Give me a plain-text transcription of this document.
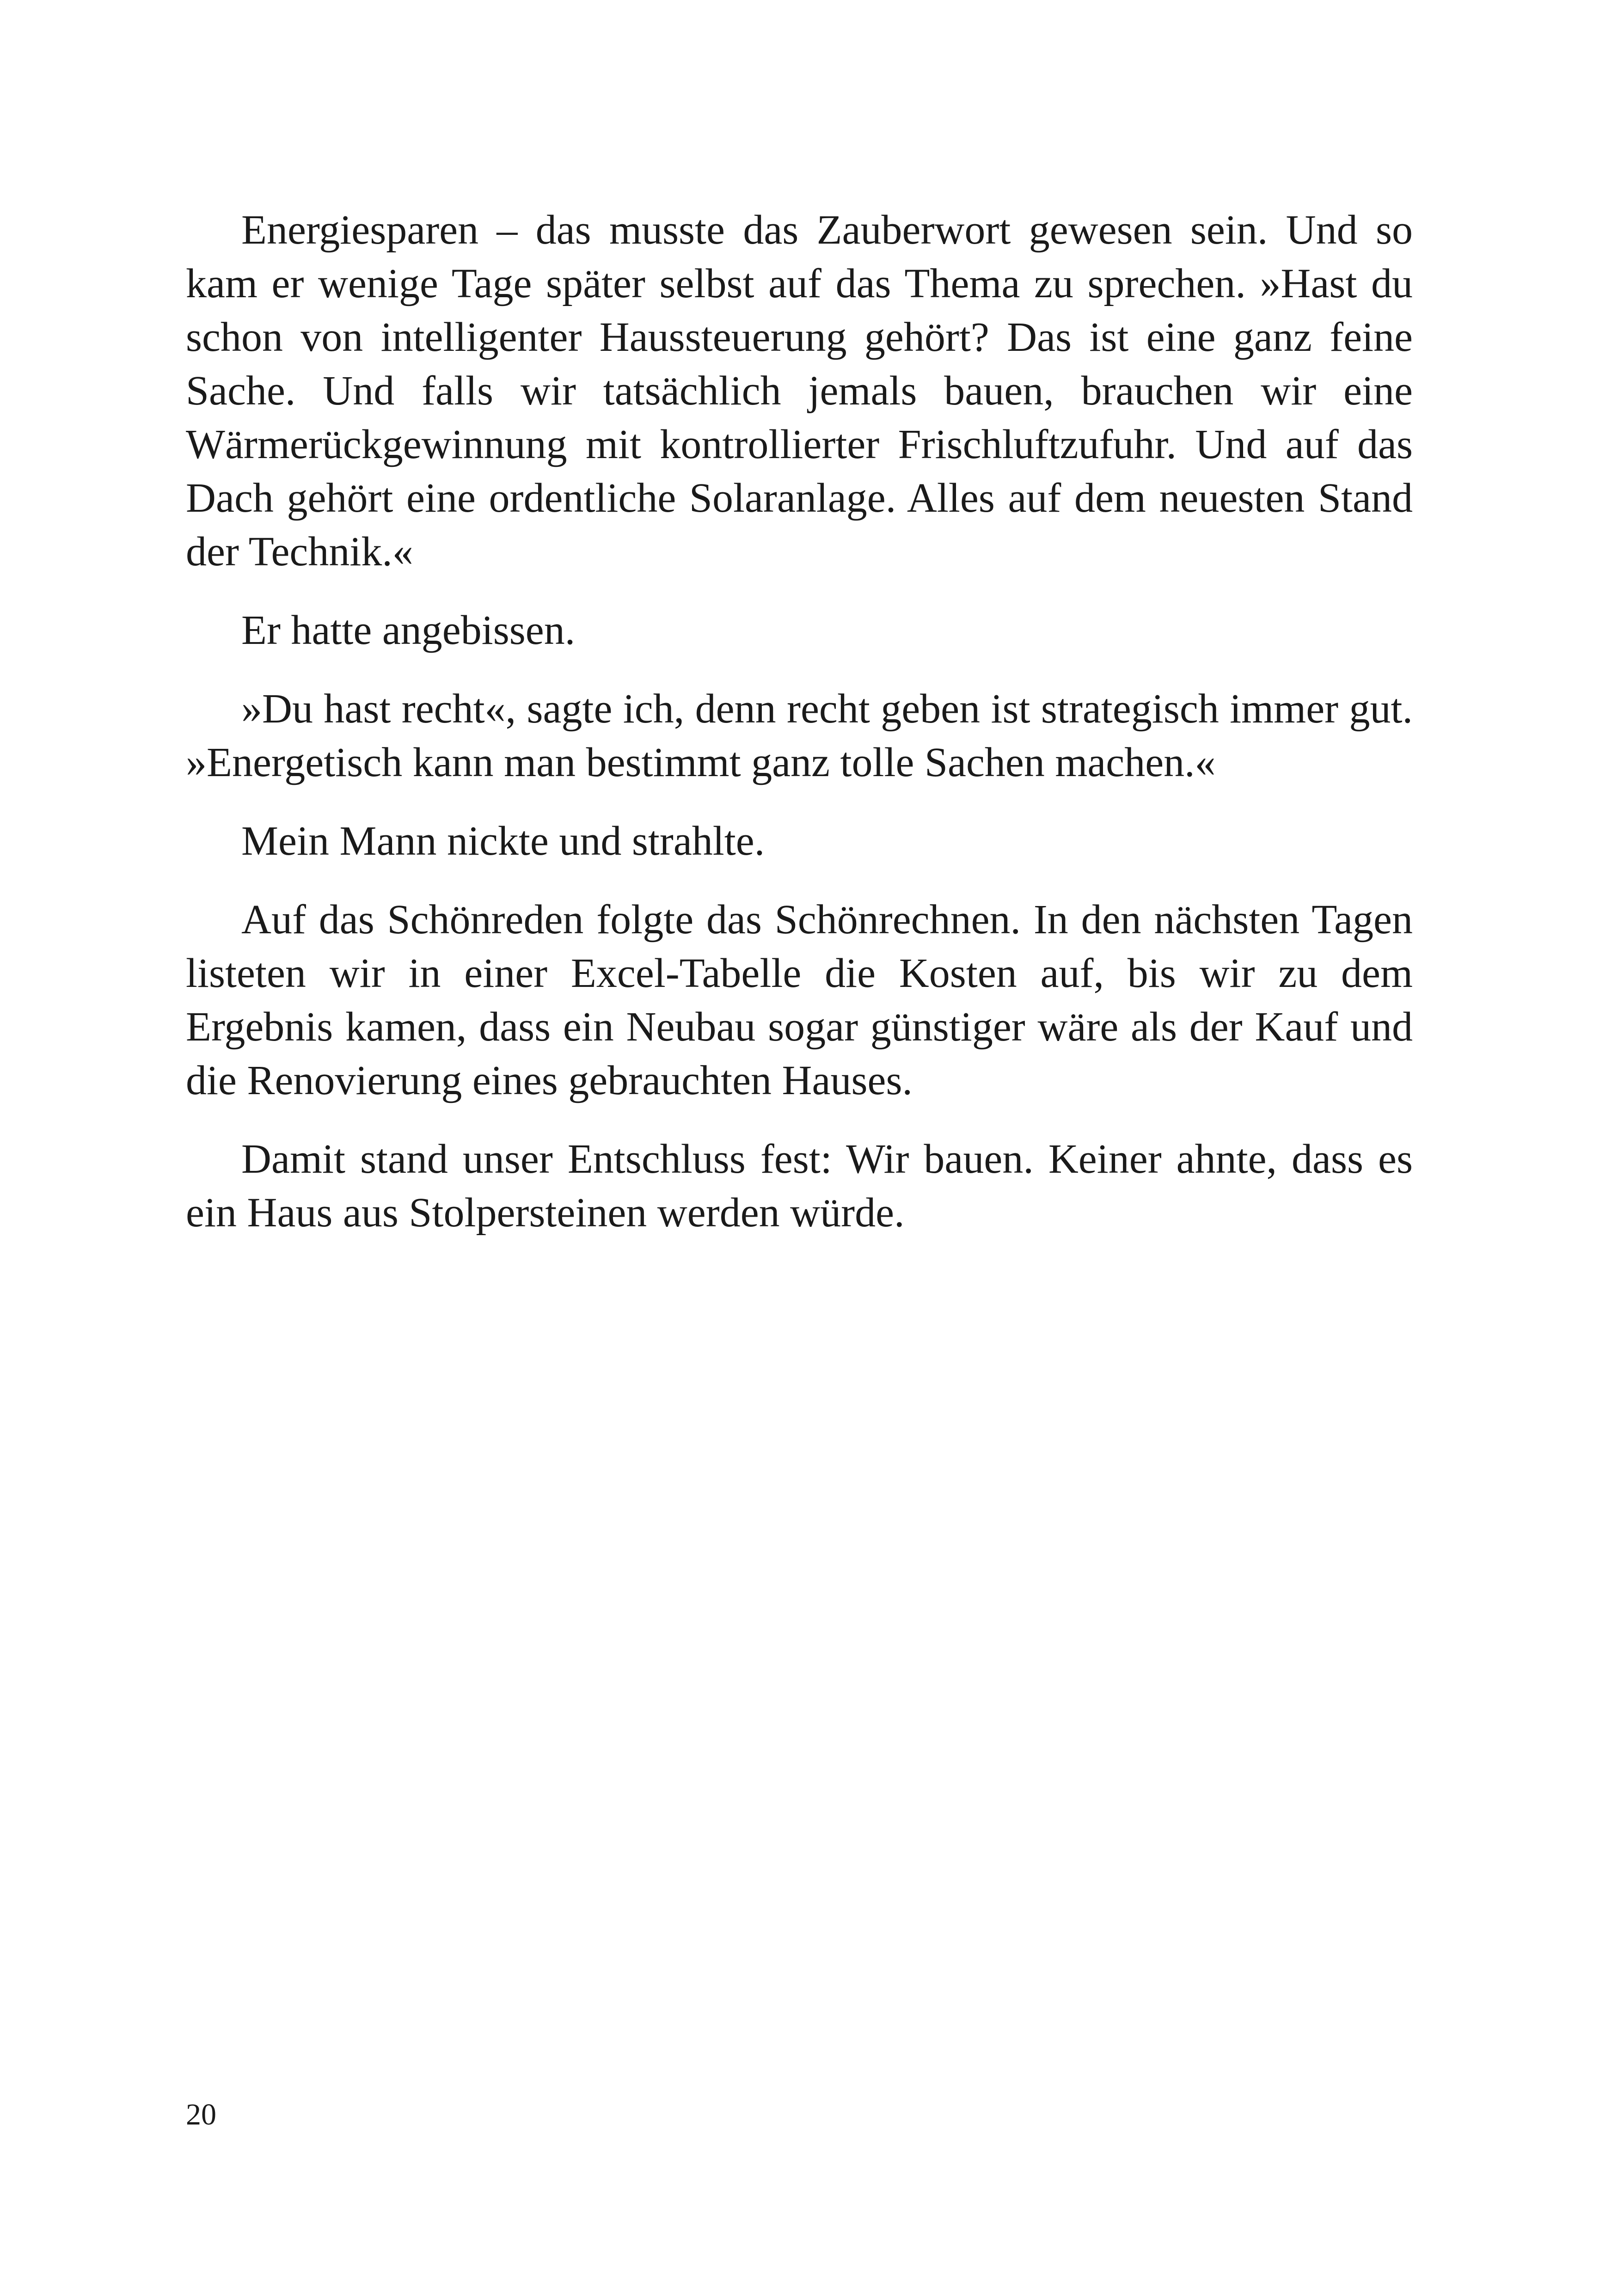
Energiesparen – das musste das Zauberwort gewesen sein. Und so kam er wenige Tage später selbst auf das Thema zu sprechen. »Hast du schon von intelligenter Haussteuerung gehört? Das ist eine ganz feine Sache. Und falls wir tatsächlich jemals bauen, brauchen wir eine Wärmerückgewinnung mit kontrollierter Frischluftzufuhr. Und auf das Dach gehört eine ordentliche Solaranlage. Alles auf dem neuesten Stand der Technik.«

Er hatte angebissen.

»Du hast recht«, sagte ich, denn recht geben ist strategisch immer gut. »Energetisch kann man bestimmt ganz tolle Sachen machen.«

Mein Mann nickte und strahlte.

Auf das Schönreden folgte das Schönrechnen. In den nächsten Tagen listeten wir in einer Excel-Tabelle die Kosten auf, bis wir zu dem Ergebnis kamen, dass ein Neubau sogar günstiger wäre als der Kauf und die Renovierung eines gebrauchten Hauses.

Damit stand unser Entschluss fest: Wir bauen. Keiner ahnte, dass es ein Haus aus Stolpersteinen werden würde.

20
